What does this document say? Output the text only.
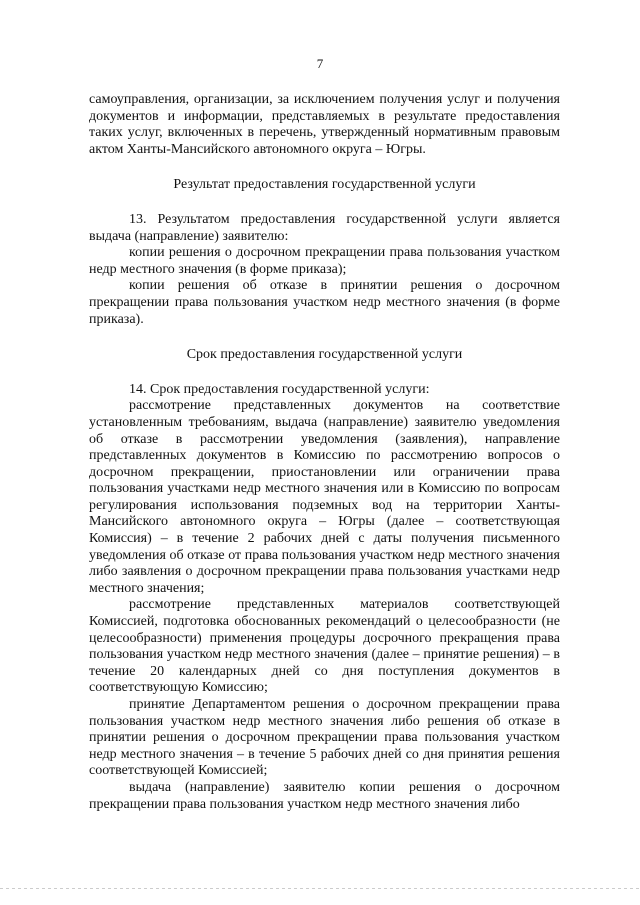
7

самоуправления, организации, за исключением получения услуг и получения документов и информации, представляемых в результате предоставления таких услуг, включенных в перечень, утвержденный нормативным правовым актом Ханты-Мансийского автономного округа – Югры.

Результат предоставления государственной услуги

13. Результатом предоставления государственной услуги является выдача (направление) заявителю:

копии решения о досрочном прекращении права пользования участком недр местного значения (в форме приказа);

копии решения об отказе в принятии решения о досрочном прекращении права пользования участком недр местного значения (в форме приказа).

Срок предоставления государственной услуги

14. Срок предоставления государственной услуги:

рассмотрение представленных документов на соответствие установленным требованиям, выдача (направление) заявителю уведомления об отказе в рассмотрении уведомления (заявления), направление представленных документов в Комиссию по рассмотрению вопросов о досрочном прекращении, приостановлении или ограничении права пользования участками недр местного значения или в Комиссию по вопросам регулирования использования подземных вод на территории Ханты-Мансийского автономного округа – Югры (далее – соответствующая Комиссия) – в течение 2 рабочих дней с даты получения письменного уведомления об отказе от права пользования участком недр местного значения либо заявления о досрочном прекращении права пользования участками недр местного значения;

рассмотрение представленных материалов соответствующей Комиссией, подготовка обоснованных рекомендаций о целесообразности (не целесообразности) применения процедуры досрочного прекращения права пользования участком недр местного значения (далее – принятие решения) – в течение 20 календарных дней со дня поступления документов в соответствующую Комиссию;

принятие Департаментом решения о досрочном прекращении права пользования участком недр местного значения либо решения об отказе в принятии решения о досрочном прекращении права пользования участком недр местного значения – в течение 5 рабочих дней со дня принятия решения соответствующей Комиссией;

выдача (направление) заявителю копии решения о досрочном прекращении права пользования участком недр местного значения либо
